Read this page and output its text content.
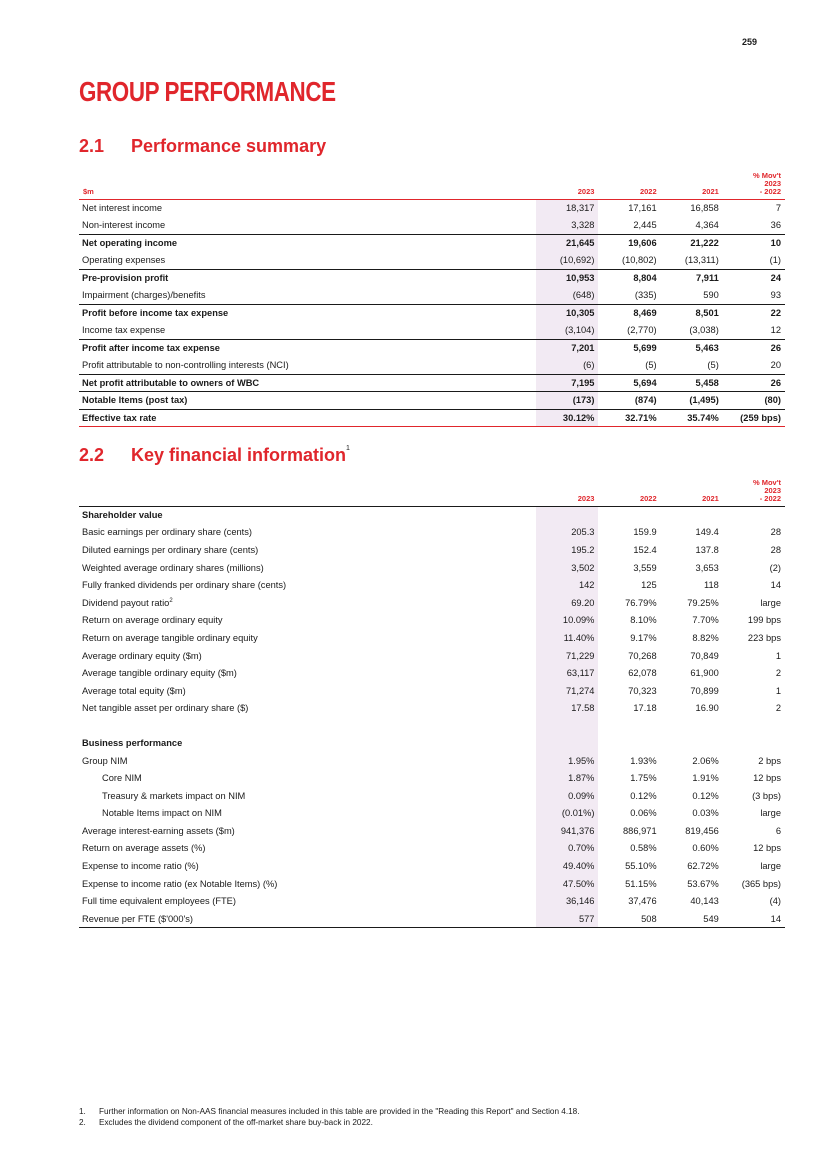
259
GROUP PERFORMANCE
2.1 Performance summary
$m	2023	2022	2021	% Mov't
2023
- 2022

Net interest income	18,317	17,161	16,858	7
Non-interest income	3,328	2,445	4,364	36
Net operating income	21,645	19,606	21,222	10
Operating expenses	(10,692)	(10,802)	(13,311)	(1)
Pre-provision profit	10,953	8,804	7,911	24
Impairment (charges)/benefits	(648)	(335)	590	93
Profit before income tax expense	10,305	8,469	8,501	22
Income tax expense	(3,104)	(2,770)	(3,038)	12
Profit after income tax expense	7,201	5,699	5,463	26
Profit attributable to non-controlling interests (NCI)	(6)	(5)	(5)	20
Net profit attributable to owners of WBC	7,195	5,694	5,458	26
Notable Items (post tax)	(173)	(874)	(1,495)	(80)
Effective tax rate	30.12%	32.71%	35.74%	(259 bps)
2.2 Key financial information$^1$
	2023	2022	2021	% Mov't
2023
- 2022

Shareholder value				
Basic earnings per ordinary share (cents)	205.3	159.9	149.4	28
Diluted earnings per ordinary share (cents)	195.2	152.4	137.8	28
Weighted average ordinary shares (millions)	3,502	3,559	3,653	(2)
Fully franked dividends per ordinary share (cents)	142	125	118	14
Dividend payout ratio$^2$	69.20	76.79%	79.25%	large
Return on average ordinary equity	10.09%	8.10%	7.70%	199 bps
Return on average tangible ordinary equity	11.40%	9.17%	8.82%	223 bps
Average ordinary equity ($m)	71,229	70,268	70,849	1
Average tangible ordinary equity ($m)	63,117	62,078	61,900	2
Average total equity ($m)	71,274	70,323	70,899	1
Net tangible asset per ordinary share ($)	17.58	17.18	16.90	2

Business performance				
Group NIM	1.95%	1.93%	2.06%	2 bps
Core NIM	1.87%	1.75%	1.91%	12 bps
Treasury & markets impact on NIM	0.09%	0.12%	0.12%	(3 bps)
Notable Items impact on NIM	(0.01%)	0.06%	0.03%	large
Average interest-earning assets ($m)	941,376	886,971	819,456	6
Return on average assets (%)	0.70%	0.58%	0.60%	12 bps
Expense to income ratio (%)	49.40%	55.10%	62.72%	large
Expense to income ratio (ex Notable Items) (%)	47.50%	51.15%	53.67%	(365 bps)
Full time equivalent employees (FTE)	36,146	37,476	40,143	(4)
Revenue per FTE ($'000's)	577	508	549	14
1. Further information on Non-AAS financial measures included in this table are provided in the "Reading this Report" and Section 4.18.
2. Excludes the dividend component of the off-market share buy-back in 2022.
